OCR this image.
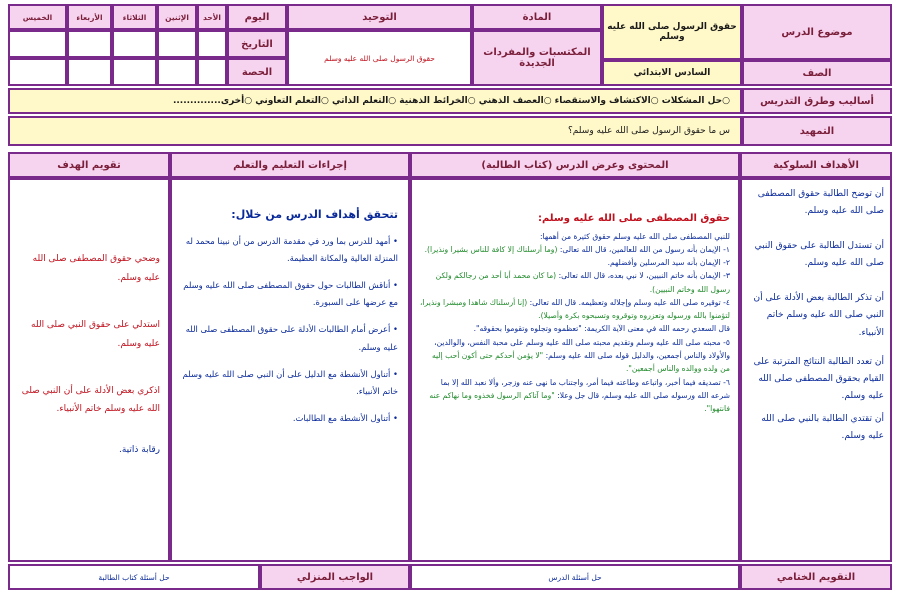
موضوع الدرس
الصف
حقوق الرسول صلى الله عليه وسلم
السادس الابتدائي
المادة
المكتسبات والمفردات الجديدة
التوحيد
حقوق الرسول صلى الله عليه وسلم
اليوم
التاريخ
الحصة
الأحد
الإثنين
الثلاثاء
الأربعاء
الخميس
أساليب وطرق التدريس
○حل المشكلات ○الاكتشاف والاستقصاء ○العصف الذهني ○الخرائط الذهنية ○التعلم الذاتي ○التعلم التعاوني ○أخرى..............
التمهيد
س ما حقوق الرسول صلى الله عليه وسلم؟
الأهداف السلوكية
المحتوى وعرض الدرس (كتاب الطالبة)
إجراءات التعليم والتعلم
تقويم الهدف

أن توضح الطالبة حقوق المصطفى صلى الله عليه وسلم.

أن تستدل الطالبة على حقوق النبي صلى الله عليه وسلم.

أن تذكر الطالبة بعض الأدلة على أن النبي صلى الله عليه وسلم خاتم الأنبياء.

أن تعدد الطالبة النتائج المترتبة على القيام بحقوق المصطفى صلى الله عليه وسلم.

أن تقتدي الطالبة بالنبي صلى الله عليه وسلم.

حقوق المصطفى صلى الله عليه وسلم:

للنبي المصطفى صلى الله عليه وسلم حقوق كثيرة من أهمها:

١- الإيمان بأنه رسول من الله للعالمين، قال الله تعالى: (وما أرسلناك إلا كافة للناس بشيرا ونذيرا).

٢- الإيمان بأنه سيد المرسلين وأفضلهم.

٣- الإيمان بأنه خاتم النبيين، لا نبي بعده، قال الله تعالى: (ما كان محمد أبا أحد من رجالكم ولكن رسول الله وخاتم النبيين).

٤- توقيره صلى الله عليه وسلم وإجلاله وتعظيمه. قال الله تعالى: (إنا أرسلناك شاهدا ومبشرا ونذيرا، لتؤمنوا بالله ورسوله وتعزروه وتوقروه وتسبحوه بكرة وأصيلا).

قال السعدي رحمه الله في معنى الآية الكريمة: "تعظموه وتجلوه وتقوموا بحقوقه".

٥- محبته صلى الله عليه وسلم وتقديم محبته صلى الله عليه وسلم على محبة النفس، والوالدين، والأولاد والناس أجمعين، والدليل قوله صلى الله عليه وسلم: "لا يؤمن أحدكم حتى أكون أحب إليه من ولده ووالده والناس أجمعين".

٦- تصديقه فيما أخبر، واتباعه وطاعته فيما أمر، واجتناب ما نهى عنه وزجر، وألا نعبد الله إلا بما شرعه الله ورسوله صلى الله عليه وسلم، قال جل وعلا: "وما آتاكم الرسول فخذوه وما نهاكم عنه فانتهوا".

تتحقق أهداف الدرس من خلال:

• أمهد للدرس بما ورد في مقدمة الدرس من أن نبينا محمد له المنزلة العالية والمكانة العظيمة.

• أناقش الطالبات حول حقوق المصطفى صلى الله عليه وسلم مع عرضها على السبورة.

• أعرض أمام الطالبات الأدلة على حقوق المصطفى صلى الله عليه وسلم.

• أتناول الأنشطة مع الدليل على أن النبي صلى الله عليه وسلم خاتم الأنبياء.

• أتناول الأنشطة مع الطالبات.

وضحي حقوق المصطفى صلى الله عليه وسلم.

استدلي على حقوق النبي صلى الله عليه وسلم.

اذكري بعض الأدلة على أن النبي صلى الله عليه وسلم خاتم الأنبياء.

رقابة ذاتية.

التقويم الختامي
حل أسئلة الدرس
الواجب المنزلي
حل أسئلة كتاب الطالبة
